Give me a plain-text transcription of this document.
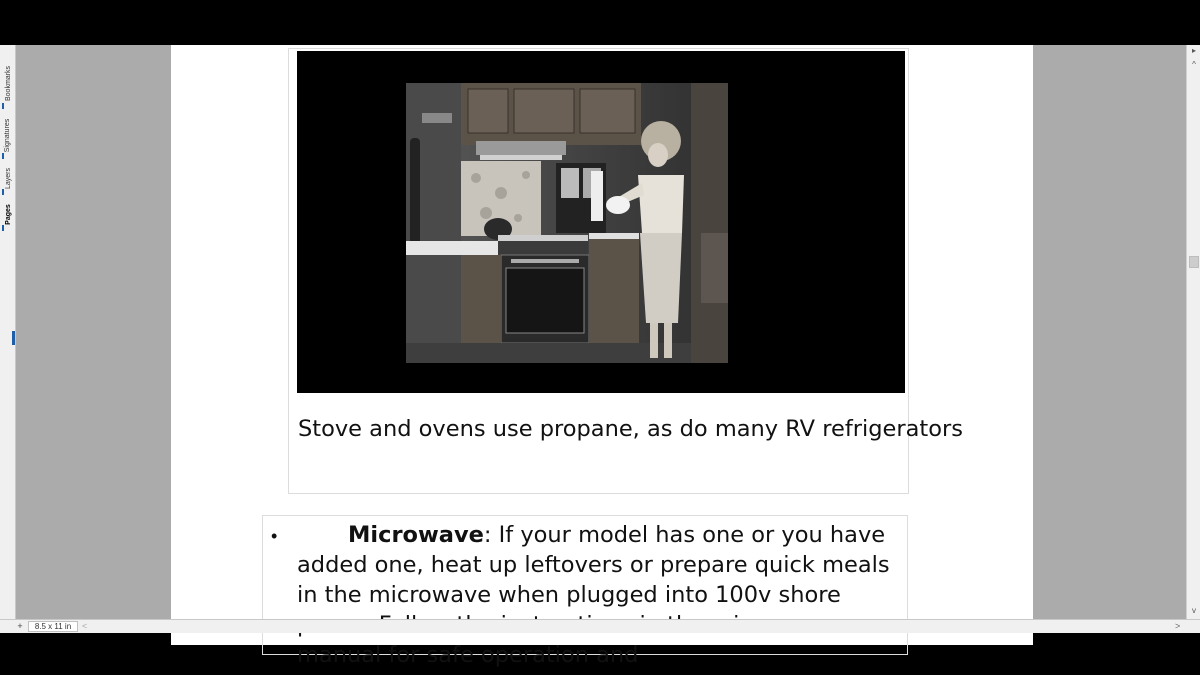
Bookmarks
Signatures
Layers
Pages
Stove and ovens use propane, as do many RV refrigerators
•	Microwave: If your model has one or you have added one, heat up leftovers or prepare quick meals in the microwave when plugged into 100v shore manual for safe operation and
▸
^
v
+	8.5 x 11 in	<	>
